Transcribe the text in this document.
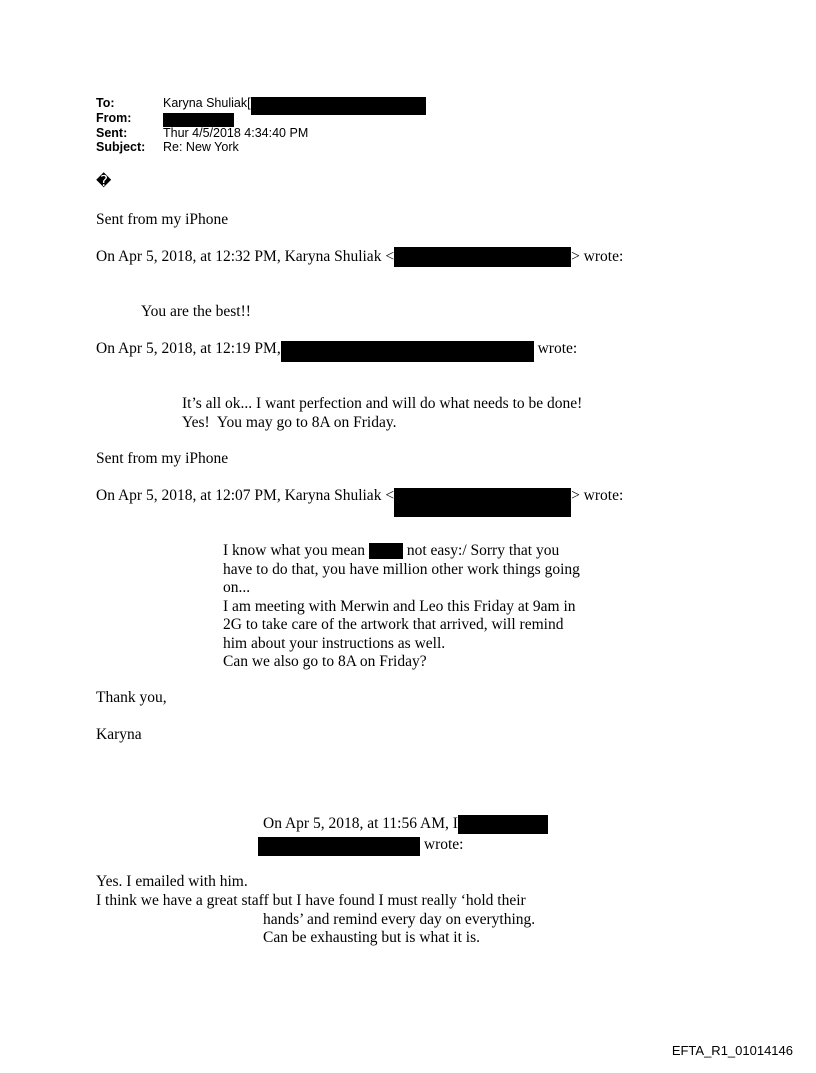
To:	Karyna Shuliak[
From:
Sent:	Thur 4/5/2018 4:34:40 PM
Subject: Re: New York
�
Sent from my iPhone
On Apr 5, 2018, at 12:32 PM, Karyna Shuliak <	> wrote:
You are the best!!
On Apr 5, 2018, at 12:19 PM,	wrote:
It’s all ok... I want perfection and will do what needs to be done!
Yes!  You may go to 8A on Friday.
Sent from my iPhone
On Apr 5, 2018, at 12:07 PM, Karyna Shuliak <	> wrote:
I know what you mean  not easy:/ Sorry that you
have to do that, you have million other work things going
on...
I am meeting with Merwin and Leo this Friday at 9am in
2G to take care of the artwork that arrived, will remind
him about your instructions as well.
Can we also go to 8A on Friday?
Thank you,
Karyna
On Apr 5, 2018, at 11:56 AM, I
wrote:
Yes. I emailed with him.
I think we have a great staff but I have found I must really ‘hold their
hands’ and remind every day on everything.
Can be exhausting but is what it is.
EFTA_R1_01014146
